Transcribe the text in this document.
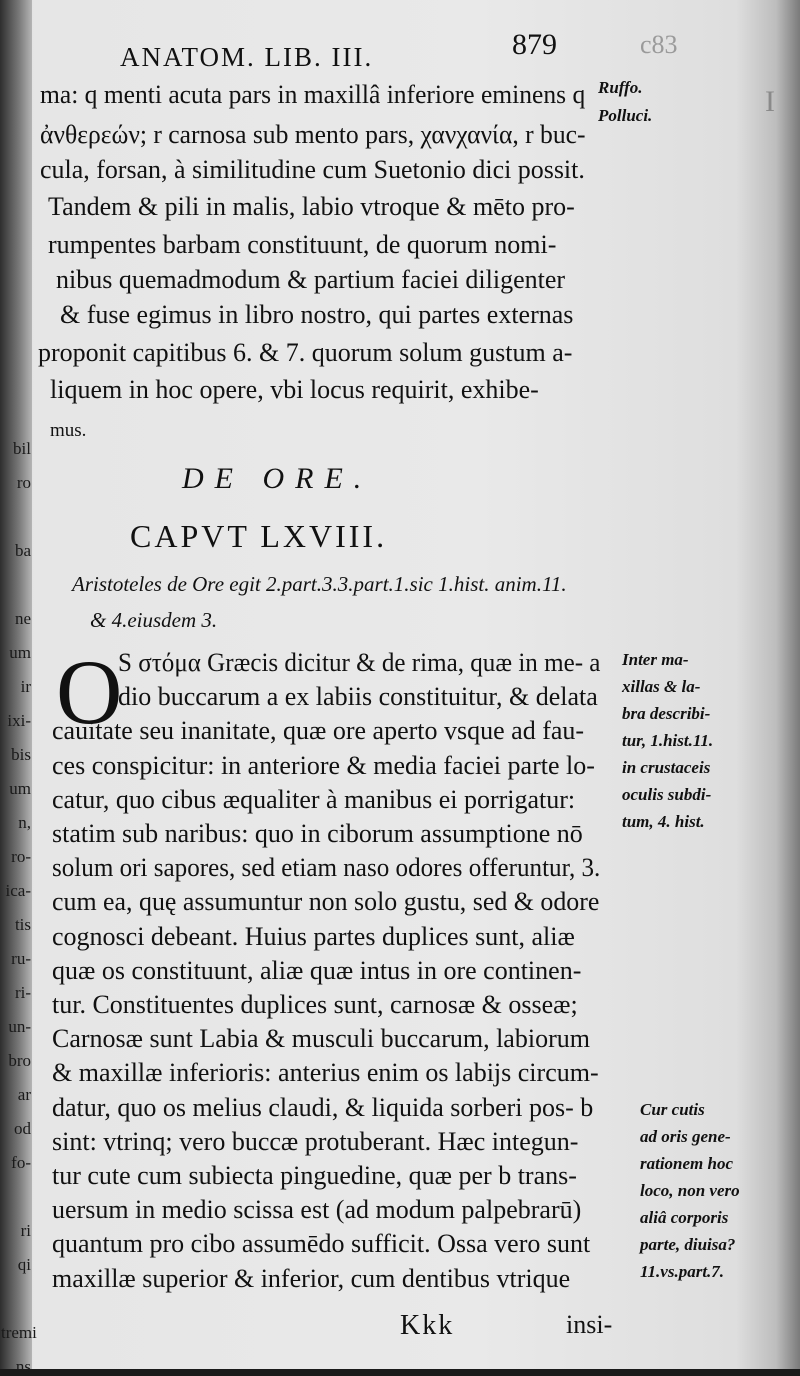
bil
ro
ba
ne
um
ir
ixi-
bis
um
n,
ro-
ica-
tis
ru-
ri-
un-
bro
ar
od
fo-
ri
qi
tremi
ns
ANATOM. LIB. III.	879	c83
I
ma: q menti acuta pars in maxillâ inferiore eminens q
ἀνθερεών; r carnosa sub mento pars, χανχανία, r buc-
cula, forsan, à similitudine cum Suetonio dici possit.
Tandem & pili in malis, labio vtroque & mēto pro-
rumpentes barbam constituunt, de quorum nomi-
nibus quemadmodum & partium faciei diligenter
& fuse egimus in libro nostro, qui partes externas
proponit capitibus 6. & 7. quorum solum gustum a-
liquem in hoc opere, vbi locus requirit, exhibe-
mus.
Ruffo.
Polluci.
DE ORE.
CAPVT LXVIII.
Aristoteles de Ore egit 2.part.3.3.part.1.sic 1.hist. anim.11.
& 4.eiusdem 3.
O
S στόμα Græcis dicitur & de rima, quæ in me- a
dio buccarum a ex labiis constituitur, & delata
cauitate seu inanitate, quæ ore aperto vsque ad fau-
ces conspicitur: in anteriore & media faciei parte lo-
catur, quo cibus æqualiter à manibus ei porrigatur:
statim sub naribus: quo in ciborum assumptione nō
solum ori sapores, sed etiam naso odores offeruntur, 3.
cum ea, quę assumuntur non solo gustu, sed & odore
cognosci debeant. Huius partes duplices sunt, aliæ
quæ os constituunt, aliæ quæ intus in ore continen-
tur. Constituentes duplices sunt, carnosæ & osseæ;
Carnosæ sunt Labia & musculi buccarum, labiorum
& maxillæ inferioris: anterius enim os labijs circum-
datur, quo os melius claudi, & liquida sorberi pos- b
sint: vtrinq; vero buccæ protuberant. Hæc integun-
tur cute cum subiecta pinguedine, quæ per b trans-
uersum in medio scissa est (ad modum palpebrarū)
quantum pro cibo assumēdo sufficit. Ossa vero sunt
maxillæ superior & inferior, cum dentibus vtrique
Inter ma-
xillas & la-
bra describi-
tur, 1.hist.11.
in crustaceis
oculis subdi-
tum, 4. hist.
Cur cutis
ad oris gene-
rationem hoc
loco, non vero
aliâ corporis
parte, diuisa?
11.vs.part.7.
Kkk	insi-
